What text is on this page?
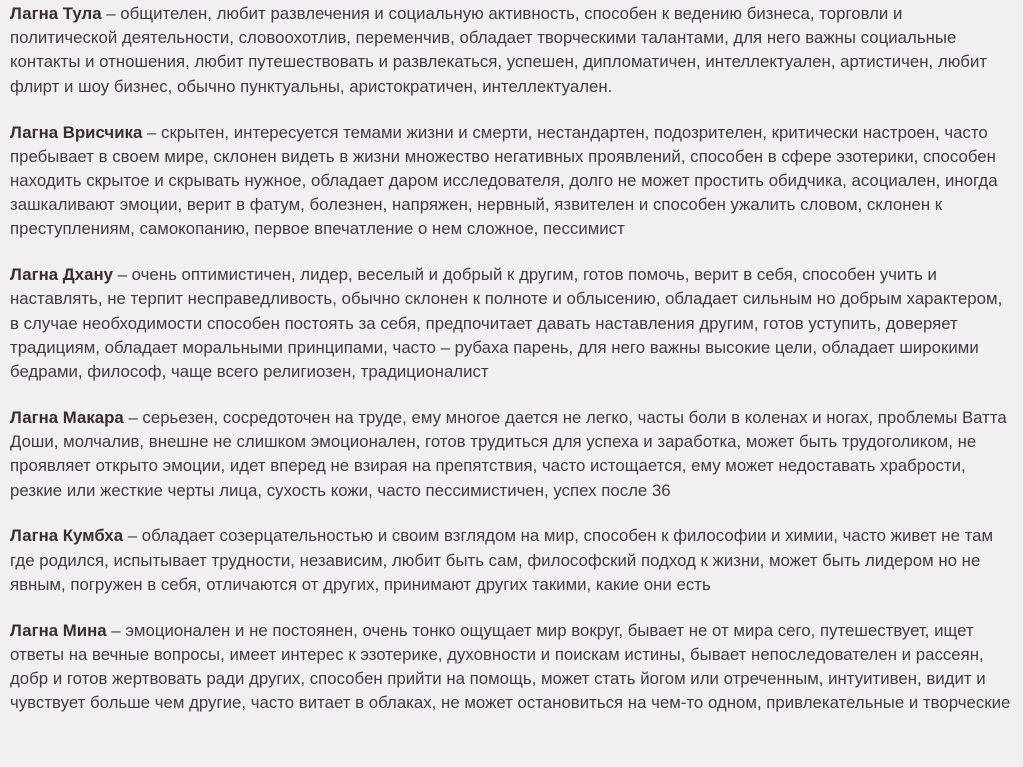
Лагна Тула – общителен, любит развлечения и социальную активность, способен к ведению бизнеса, торговли и политической деятельности, словоохотлив, переменчив, обладает творческими талантами, для него важны социальные контакты и отношения, любит путешествовать и развлекаться, успешен, дипломатичен, интеллектуален, артистичен, любит флирт и шоу бизнес, обычно пунктуальны, аристократичен, интеллектуален.

Лагна Врисчика – скрытен, интересуется темами жизни и смерти, нестандартен, подозрителен, критически настроен, часто пребывает в своем мире, склонен видеть в жизни множество негативных проявлений, способен в сфере эзотерики, способен находить скрытое и скрывать нужное, обладает даром исследователя, долго не может простить обидчика, асоциален, иногда зашкаливают эмоции, верит в фатум, болезнен, напряжен, нервный, язвителен и способен ужалить словом, склонен к преступлениям, самокопанию, первое впечатление о нем сложное, пессимист

Лагна Дхану – очень оптимистичен, лидер, веселый и добрый к другим, готов помочь, верит в себя, способен учить и наставлять, не терпит несправедливость, обычно склонен к полноте и облысению, обладает сильным но добрым характером, в случае необходимости способен постоять за себя, предпочитает давать наставления другим, готов уступить, доверяет традициям, обладает моральными принципами, часто – рубаха парень, для него важны высокие цели, обладает широкими бедрами, философ, чаще всего религиозен, традиционалист

Лагна Макара – серьезен, сосредоточен на труде, ему многое дается не легко, часты боли в коленах и ногах, проблемы Ватта Доши, молчалив, внешне не слишком эмоционален, готов трудиться для успеха и заработка, может быть трудоголиком, не проявляет открыто эмоции, идет вперед не взирая на препятствия, часто истощается, ему может недоставать храбрости, резкие или жесткие черты лица, сухость кожи, часто пессимистичен, успех после 36

Лагна Кумбха – обладает созерцательностью и своим взглядом на мир, способен к философии и химии, часто живет не там где родился, испытывает трудности, независим, любит быть сам, философский подход к жизни, может быть лидером но не явным, погружен в себя, отличаются от других, принимают других такими, какие они есть

Лагна Мина – эмоционален и не постоянен, очень тонко ощущает мир вокруг, бывает не от мира сего, путешествует, ищет ответы на вечные вопросы, имеет интерес к эзотерике, духовности и поискам истины, бывает непоследователен и рассеян, добр и готов жертвовать ради других, способен прийти на помощь, может стать йогом или отреченным, интуитивен, видит и чувствует больше чем другие, часто витает в облаках, не может остановиться на чем-то одном, привлекательные и творческие
